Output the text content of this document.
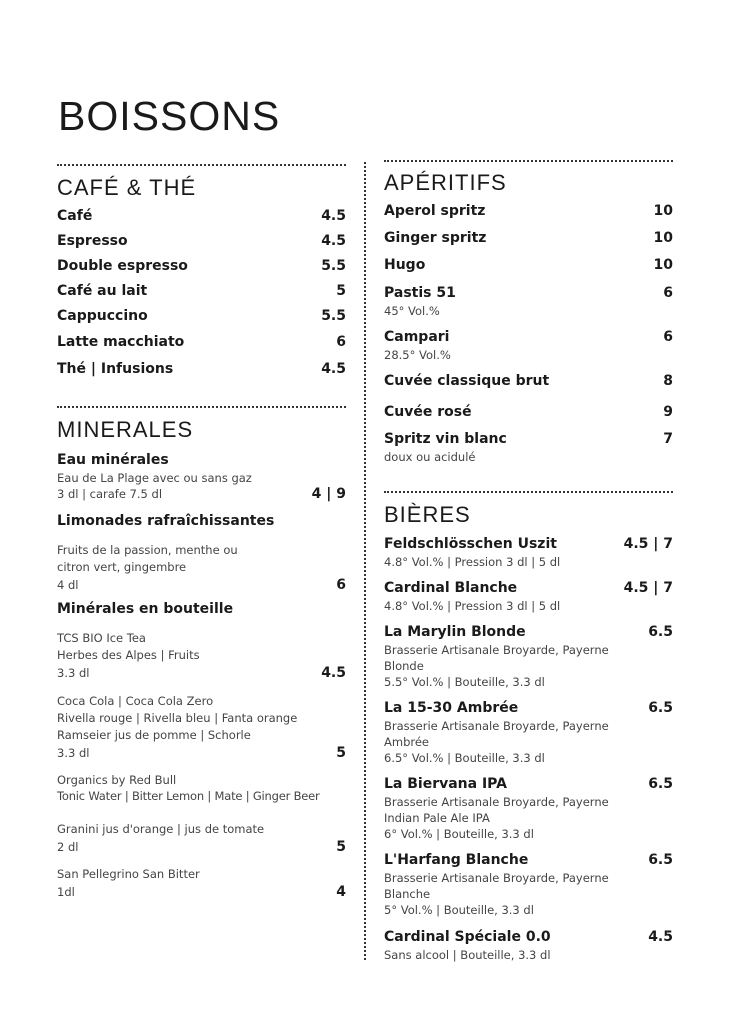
BOISSONS
CAFÉ & THÉ
Café	4.5
Espresso	4.5
Double espresso	5.5
Café au lait	5
Cappuccino	5.5
Latte macchiato	6
Thé | Infusions	4.5
MINERALES
Eau minérales
Eau de La Plage avec ou sans gaz
3 dl | carafe 7.5 dl	4 | 9
Limonades rafraîchissantes
Fruits de la passion, menthe ou
citron vert, gingembre
4 dl	6
Minérales en bouteille
TCS BIO Ice Tea
Herbes des Alpes | Fruits
3.3 dl	4.5
Coca Cola | Coca Cola Zero
Rivella rouge | Rivella bleu | Fanta orange
Ramseier jus de pomme | Schorle
3.3 dl	5
Organics by Red Bull
Tonic Water | Bitter Lemon | Mate | Ginger Beer
Granini jus d'orange | jus de tomate
2 dl	5
San Pellegrino San Bitter
1dl	4
APÉRITIFS
Aperol spritz	10
Ginger spritz	10
Hugo	10
Pastis 51	6
45° Vol.%
Campari	6
28.5° Vol.%
Cuvée classique brut	8
Cuvée rosé	9
Spritz vin blanc	7
doux ou acidulé
BIÈRES
Feldschlösschen Uszit	4.5 | 7
4.8° Vol.% | Pression 3 dl | 5 dl
Cardinal Blanche	4.5 | 7
4.8° Vol.% | Pression 3 dl | 5 dl
La Marylin Blonde	6.5
Brasserie Artisanale Broyarde, Payerne
Blonde
5.5° Vol.% | Bouteille, 3.3 dl
La 15-30 Ambrée	6.5
Brasserie Artisanale Broyarde, Payerne
Ambrée
6.5° Vol.% | Bouteille, 3.3 dl
La Biervana IPA	6.5
Brasserie Artisanale Broyarde, Payerne
Indian Pale Ale IPA
6° Vol.% | Bouteille, 3.3 dl
L'Harfang Blanche	6.5
Brasserie Artisanale Broyarde, Payerne
Blanche
5° Vol.% | Bouteille, 3.3 dl
Cardinal Spéciale 0.0	4.5
Sans alcool | Bouteille, 3.3 dl
